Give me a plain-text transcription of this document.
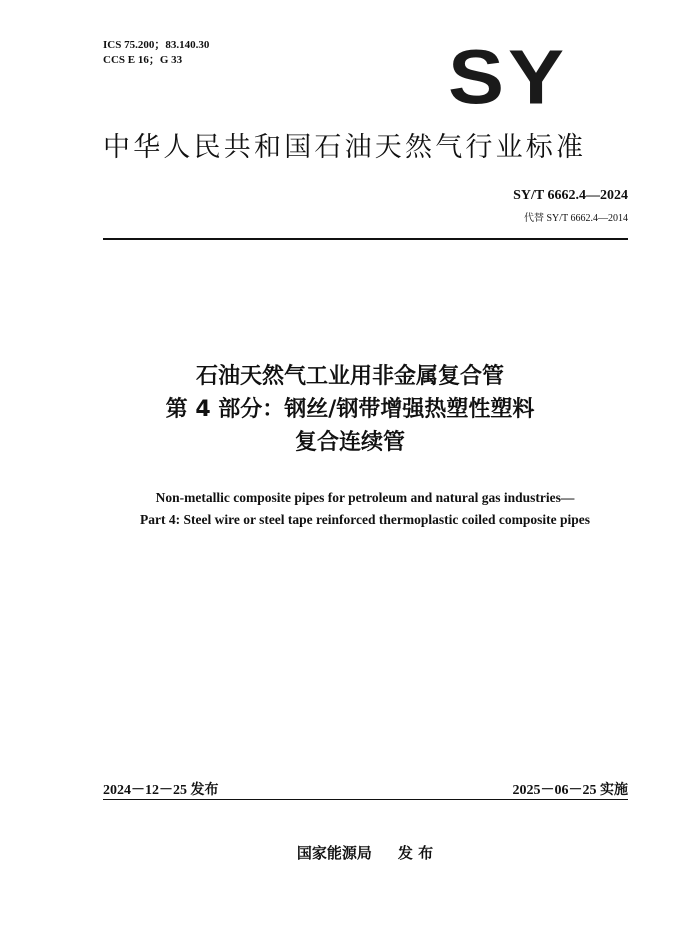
ICS 75.200；83.140.30
CCS E 16；G 33	SY
中华人民共和国石油天然气行业标准
SY/T 6662.4—2024
代替 SY/T 6662.4—2014
石油天然气工业用非金属复合管
第 4 部分：钢丝/钢带增强热塑性塑料
复合连续管
Non-metallic composite pipes for petroleum and natural gas industries—
Part 4: Steel wire or steel tape reinforced thermoplastic coiled composite pipes
2024－12－25 发布	2025－06－25 实施
国家能源局 发 布
